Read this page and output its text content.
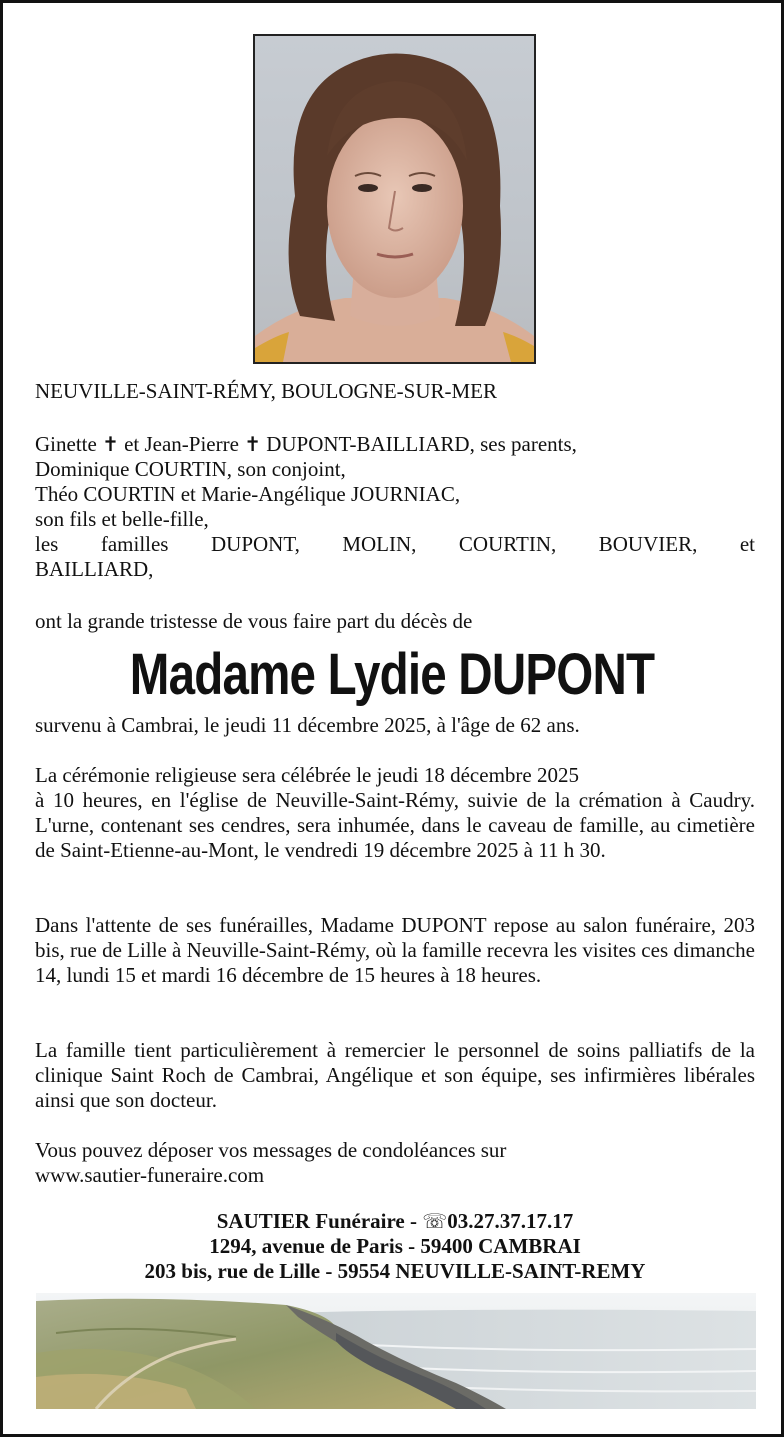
NEUVILLE-SAINT-RÉMY, BOULOGNE-SUR-MER
Ginette ✝ et Jean-Pierre ✝ DUPONT-BAILLIARD, ses parents,
Dominique COURTIN, son conjoint,
Théo COURTIN et Marie-Angélique JOURNIAC,
son fils et belle-fille,
les familles DUPONT, MOLIN, COURTIN, BOUVIER, et
BAILLIARD,
ont la grande tristesse de vous faire part du décès de
Madame Lydie DUPONT
survenu à Cambrai, le jeudi 11 décembre 2025, à l'âge de 62 ans.
La cérémonie religieuse sera célébrée le jeudi 18 décembre 2025
à 10 heures, en l'église de Neuville-Saint-Rémy, suivie de la crémation à Caudry. L'urne, contenant ses cendres, sera inhumée, dans le caveau de famille, au cimetière de Saint-Etienne-au-Mont, le vendredi 19 décembre 2025 à 11 h 30.
Dans l'attente de ses funérailles, Madame DUPONT repose au salon funéraire, 203 bis, rue de Lille à Neuville-Saint-Rémy, où la famille recevra les visites ces dimanche 14, lundi 15 et mardi 16 décembre de 15 heures à 18 heures.
La famille tient particulièrement à remercier le personnel de soins palliatifs de la clinique Saint Roch de Cambrai, Angélique et son équipe, ses infirmières libérales ainsi que son docteur.
Vous pouvez déposer vos messages de condoléances sur
www.sautier-funeraire.com
SAUTIER Funéraire - ☏03.27.37.17.17
1294, avenue de Paris - 59400 CAMBRAI
203 bis, rue de Lille - 59554 NEUVILLE-SAINT-REMY
